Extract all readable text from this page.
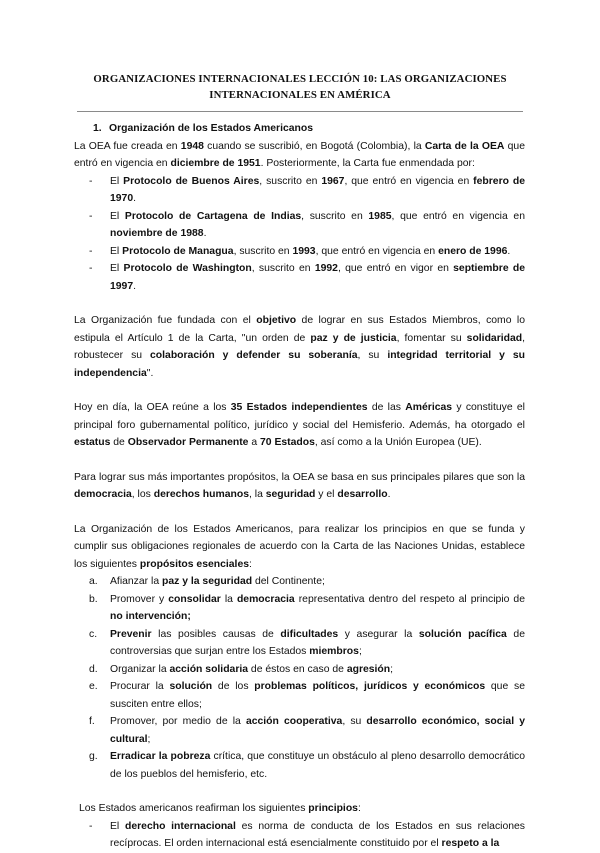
ORGANIZACIONES INTERNACIONALES LECCIÓN 10: LAS ORGANIZACIONES
INTERNACIONALES EN AMÉRICA
1. Organización de los Estados Americanos

La OEA fue creada en 1948 cuando se suscribió, en Bogotá (Colombia), la Carta de la OEA que entró en vigencia en diciembre de 1951. Posteriormente, la Carta fue enmendada por:

- El Protocolo de Buenos Aires, suscrito en 1967, que entró en vigencia en febrero de 1970.
- El Protocolo de Cartagena de Indias, suscrito en 1985, que entró en vigencia en noviembre de 1988.
- El Protocolo de Managua, suscrito en 1993, que entró en vigencia en enero de 1996.
- El Protocolo de Washington, suscrito en 1992, que entró en vigor en septiembre de 1997.

La Organización fue fundada con el objetivo de lograr en sus Estados Miembros, como lo estipula el Artículo 1 de la Carta, "un orden de paz y de justicia, fomentar su solidaridad, robustecer su colaboración y defender su soberanía, su integridad territorial y su independencia".

Hoy en día, la OEA reúne a los 35 Estados independientes de las Américas y constituye el principal foro gubernamental político, jurídico y social del Hemisferio. Además, ha otorgado el estatus de Observador Permanente a 70 Estados, así como a la Unión Europea (UE).

Para lograr sus más importantes propósitos, la OEA se basa en sus principales pilares que son la democracia, los derechos humanos, la seguridad y el desarrollo.

La Organización de los Estados Americanos, para realizar los principios en que se funda y cumplir sus obligaciones regionales de acuerdo con la Carta de las Naciones Unidas, establece los siguientes propósitos esenciales:

a. Afianzar la paz y la seguridad del Continente;
b. Promover y consolidar la democracia representativa dentro del respeto al principio de no intervención;
c. Prevenir las posibles causas de dificultades y asegurar la solución pacífica de controversias que surjan entre los Estados miembros;
d. Organizar la acción solidaria de éstos en caso de agresión;
e. Procurar la solución de los problemas políticos, jurídicos y económicos que se susciten entre ellos;
f. Promover, por medio de la acción cooperativa, su desarrollo económico, social y cultural;
g. Erradicar la pobreza crítica, que constituye un obstáculo al pleno desarrollo democrático de los pueblos del hemisferio, etc.

Los Estados americanos reafirman los siguientes principios:

- El derecho internacional es norma de conducta de los Estados en sus relaciones recíprocas. El orden internacional está esencialmente constituido por el respeto a la
